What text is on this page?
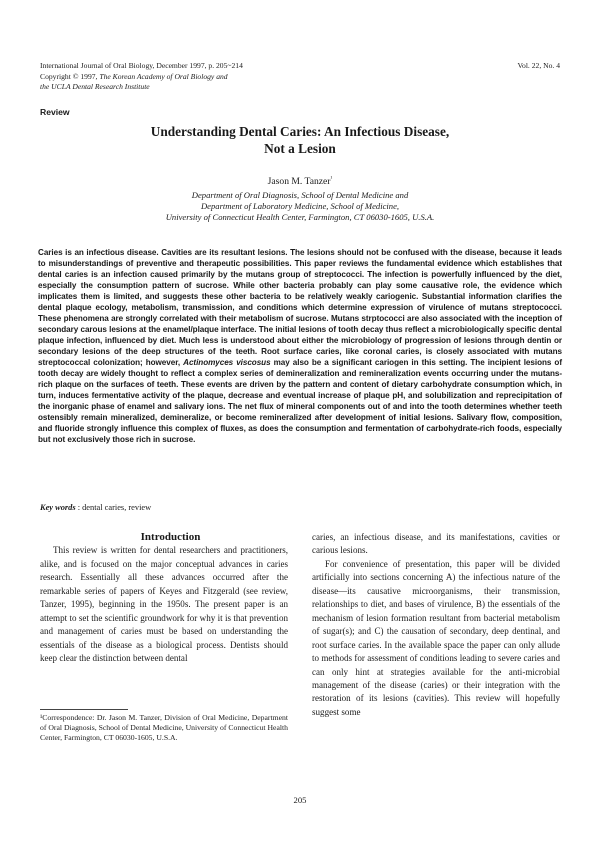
International Journal of Oral Biology, December 1997, p. 205~214
Copyright © 1997, The Korean Academy of Oral Biology and
the UCLA Dental Research Institute
Vol. 22, No. 4
Review
Understanding Dental Caries: An Infectious Disease,
Not a Lesion
Jason M. Tanzer$^{^1}$
Department of Oral Diagnosis, School of Dental Medicine and
Department of Laboratory Medicine, School of Medicine,
University of Connecticut Health Center, Farmington, CT 06030-1605, U.S.A.
Caries is an infectious disease. Cavities are its resultant lesions. The lesions should not be confused with the disease, because it leads to misunderstandings of preventive and therapeutic possibilities. This paper reviews the fundamental evidence which establishes that dental caries is an infection caused primarily by the mutans group of streptococci. The infection is powerfully influenced by the diet, especially the consumption pattern of sucrose. While other bacteria probably can play some causative role, the evidence which implicates them is limited, and suggests these other bacteria to be relatively weakly cariogenic. Substantial information clarifies the dental plaque ecology, metabolism, transmission, and conditions which determine expression of virulence of mutans streptococci. These phenomena are strongly correlated with their metabolism of sucrose. Mutans strptococci are also associated with the inception of secondary carous lesions at the enamel/plaque interface. The initial lesions of tooth decay thus reflect a microbiologically specific dental plaque infection, influenced by diet. Much less is understood about either the microbiology of progression of lesions through dentin or secondary lesions of the deep structures of the teeth. Root surface caries, like coronal caries, is closely associated with mutans streptococcal colonization; however, Actinomyces viscosus may also be a significant cariogen in this setting. The incipient lesions of tooth decay are widely thought to reflect a complex series of demineralization and remineralization events occurring under the mutans-rich plaque on the surfaces of teeth. These events are driven by the pattern and content of dietary carbohydrate consumption which, in turn, induces fermentative activity of the plaque, decrease and eventual increase of plaque pH, and solubilization and reprecipitation of the inorganic phase of enamel and salivary ions. The net flux of mineral components out of and into the tooth determines whether teeth ostensibly remain mineralized, demineralize, or become remineralized after development of initial lesions. Salivary flow, composition, and fluoride strongly influence this complex of fluxes, as does the consumption and fermentation of carbohydrate-rich foods, especially but not exclusively those rich in sucrose.
Key words : dental caries, review

Introduction

This review is written for dental researchers and practitioners, alike, and is focused on the major conceptual advances in caries research. Essentially all these advances occurred after the remarkable series of papers of Keyes and Fitzgerald (see review, Tanzer, 1995), beginning in the 1950s. The present paper is an attempt to set the scientific groundwork for why it is that prevention and management of caries must be based on understanding the essentials of the disease as a biological process. Dentists should keep clear the distinction between dental

caries, an infectious disease, and its manifestations, cavities or carious lesions.

For convenience of presentation, this paper will be divided artificially into sections concerning A) the infectious nature of the disease—its causative microorganisms, their transmission, relationships to diet, and bases of virulence, B) the essentials of the mechanism of lesion formation resultant from bacterial metabolism of sugar(s); and C) the causation of secondary, deep dentinal, and root surface caries. In the available space the paper can only allude to methods for assessment of conditions leading to severe caries and can only hint at strategies available for the anti-microbial management of the disease (caries) or their integration with the restoration of its lesions (cavities). This review will hopefully suggest some

¹Correspondence: Dr. Jason M. Tanzer, Division of Oral Medicine, Department of Oral Diagnosis, School of Dental Medicine, University of Connecticut Health Center, Farmington, CT 06030-1605, U.S.A.
205
